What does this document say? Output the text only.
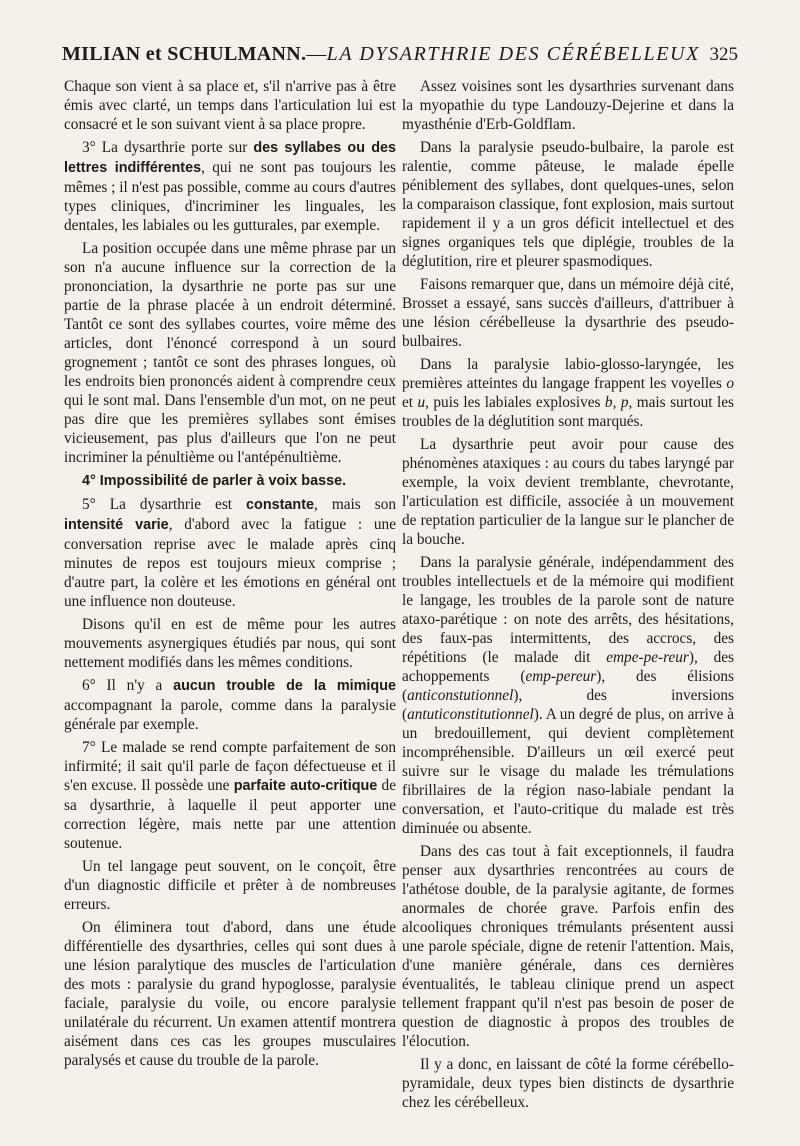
MILIAN et SCHULMANN.—LA DYSARTHRIE DES CÉRÉBELLEUX 325

Chaque son vient à sa place et, s'il n'arrive pas à être émis avec clarté, un temps dans l'articulation lui est consacré et le son suivant vient à sa place propre.

3° La dysarthrie porte sur des syllabes ou des lettres indifférentes, qui ne sont pas toujours les mêmes ; il n'est pas possible, comme au cours d'autres types cliniques, d'incriminer les linguales, les dentales, les labiales ou les gutturales, par exemple.

La position occupée dans une même phrase par un son n'a aucune influence sur la correction de la prononciation, la dysarthrie ne porte pas sur une partie de la phrase placée à un endroit déterminé. Tantôt ce sont des syllabes courtes, voire même des articles, dont l'énoncé correspond à un sourd grognement ; tantôt ce sont des phrases longues, où les endroits bien prononcés aident à comprendre ceux qui le sont mal. Dans l'ensemble d'un mot, on ne peut pas dire que les premières syllabes sont émises vicieusement, pas plus d'ailleurs que l'on ne peut incriminer la pénultième ou l'antépénultième.

4° Impossibilité de parler à voix basse.

5° La dysarthrie est constante, mais son intensité varie, d'abord avec la fatigue : une conversation reprise avec le malade après cinq minutes de repos est toujours mieux comprise ; d'autre part, la colère et les émotions en général ont une influence non douteuse.

Disons qu'il en est de même pour les autres mouvements asynergiques étudiés par nous, qui sont nettement modifiés dans les mêmes conditions.

6° Il n'y a aucun trouble de la mimique accompagnant la parole, comme dans la paralysie générale par exemple.

7° Le malade se rend compte parfaitement de son infirmité; il sait qu'il parle de façon défectueuse et il s'en excuse. Il possède une parfaite auto-critique de sa dysarthrie, à laquelle il peut apporter une correction légère, mais nette par une attention soutenue.

Un tel langage peut souvent, on le conçoit, être d'un diagnostic difficile et prêter à de nombreuses erreurs.

On éliminera tout d'abord, dans une étude différentielle des dysarthries, celles qui sont dues à une lésion paralytique des muscles de l'articulation des mots : paralysie du grand hypoglosse, paralysie faciale, paralysie du voile, ou encore paralysie unilatérale du récurrent. Un examen attentif montrera aisément dans ces cas les groupes musculaires paralysés et cause du trouble de la parole.

Assez voisines sont les dysarthries survenant dans la myopathie du type Landouzy-Dejerine et dans la myasthénie d'Erb-Goldflam.

Dans la paralysie pseudo-bulbaire, la parole est ralentie, comme pâteuse, le malade épelle péniblement des syllabes, dont quelques-unes, selon la comparaison classique, font explosion, mais surtout rapidement il y a un gros déficit intellectuel et des signes organiques tels que diplégie, troubles de la déglutition, rire et pleurer spasmodiques.

Faisons remarquer que, dans un mémoire déjà cité, Brosset a essayé, sans succès d'ailleurs, d'attribuer à une lésion cérébelleuse la dysarthrie des pseudo-bulbaires.

Dans la paralysie labio-glosso-laryngée, les premières atteintes du langage frappent les voyelles o et u, puis les labiales explosives b, p, mais surtout les troubles de la déglutition sont marqués.

La dysarthrie peut avoir pour cause des phénomènes ataxiques : au cours du tabes laryngé par exemple, la voix devient tremblante, chevrotante, l'articulation est difficile, associée à un mouvement de reptation particulier de la langue sur le plancher de la bouche.

Dans la paralysie générale, indépendamment des troubles intellectuels et de la mémoire qui modifient le langage, les troubles de la parole sont de nature ataxo-parétique : on note des arrêts, des hésitations, des faux-pas intermittents, des accrocs, des répétitions (le malade dit empe-pe-reur), des achoppements (emp-pereur), des élisions (anticonstutionnel), des inversions (antuticonstitutionnel). A un degré de plus, on arrive à un bredouillement, qui devient complètement incompréhensible. D'ailleurs un œil exercé peut suivre sur le visage du malade les trémulations fibrillaires de la région naso-labiale pendant la conversation, et l'auto-critique du malade est très diminuée ou absente.

Dans des cas tout à fait exceptionnels, il faudra penser aux dysarthries rencontrées au cours de l'athétose double, de la paralysie agitante, de formes anormales de chorée grave. Parfois enfin des alcooliques chroniques trémulants présentent aussi une parole spéciale, digne de retenir l'attention. Mais, d'une manière générale, dans ces dernières éventualités, le tableau clinique prend un aspect tellement frappant qu'il n'est pas besoin de poser de question de diagnostic à propos des troubles de l'élocution.

Il y a donc, en laissant de côté la forme cérébello-pyramidale, deux types bien distincts de dysarthrie chez les cérébelleux.
